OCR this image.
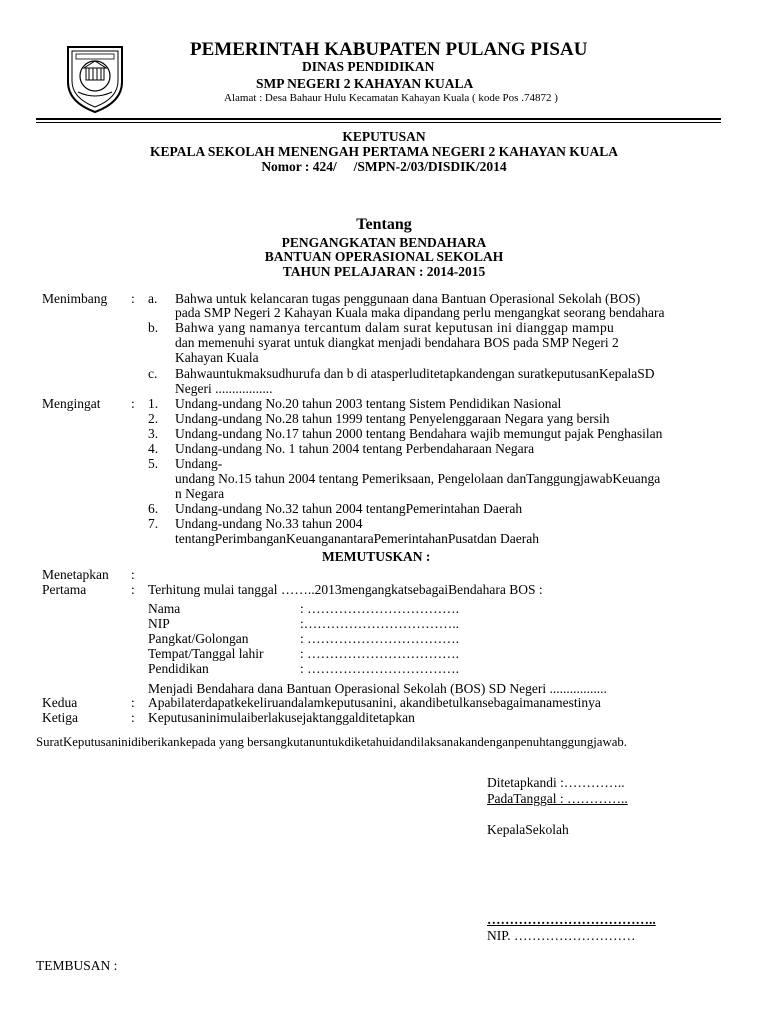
PEMERINTAH KABUPATEN PULANG PISAU
DINAS PENDIDIKAN
SMP NEGERI 2 KAHAYAN KUALA
Alamat : Desa Bahaur Hulu Kecamatan Kahayan Kuala ( kode Pos .74872 )
KEPUTUSAN
KEPALA SEKOLAH MENENGAH PERTAMA NEGERI 2 KAHAYAN KUALA
Nomor : 424/     /SMPN-2/03/DISDIK/2014
Tentang
PENGANGKATAN BENDAHARA
BANTUAN OPERASIONAL SEKOLAH
TAHUN PELAJARAN : 2014-2015
Menimbang : a. Bahwa untuk kelancaran tugas penggunaan dana Bantuan Operasional Sekolah (BOS)
pada SMP Negeri 2 Kahayan Kuala maka dipandang perlu mengangkat seorang bendahara
b. Bahwa yang namanya tercantum dalam surat keputusan ini dianggap mampu
dan memenuhi syarat untuk diangkat menjadi bendahara BOS pada SMP Negeri 2
Kahayan Kuala
c. Bahwauntukmaksudhurufa dan b di atasperluditetapkandengan suratkeputusanKepalaSD
Negeri .................
Mengingat : 1. Undang-undang No.20 tahun 2003 tentang Sistem Pendidikan Nasional
2. Undang-undang No.28 tahun 1999 tentang Penyelenggaraan Negara yang bersih
3. Undang-undang No.17 tahun 2000 tentang Bendahara wajib memungut pajak Penghasilan
4. Undang-undang No. 1 tahun 2004 tentang Perbendaharaan Negara
5. Undang-
undang No.15 tahun 2004 tentang Pemeriksaan, Pengelolaan danTanggungjawabKeuanga
n Negara
6. Undang-undang No.32 tahun 2004 tentangPemerintahan Daerah
7. Undang-undang No.33 tahun 2004
tentangPerimbanganKeuanganantaraPemerintahanPusatdan Daerah
MEMUTUSKAN :
Menetapkan :
Pertama	: Terhitung mulai tanggal ……..2013mengangkatsebagaiBendahara BOS :
Nama	: …………………………….
NIP	:……………………………..
Pangkat/Golongan	: …………………………….
Tempat/Tanggal lahir	: …………………………….
Pendidikan	: …………………………….
Menjadi Bendahara dana Bantuan Operasional Sekolah (BOS) SD Negeri .................
Kedua	: Apabilaterdapatkekeliruandalamkeputusanini, akandibetulkansebagaimanamestinya
Ketiga	: Keputusaninimulaiberlakusejaktanggalditetapkan
SuratKeputusaninidiberikankepada yang bersangkutanuntukdiketahuidandilaksanakandenganpenuhtanggungjawab.
Ditetapkandi :…………..
PadaTanggal : …………..
KepalaSekolah
………………………………..
NIP. ………………………
TEMBUSAN :
